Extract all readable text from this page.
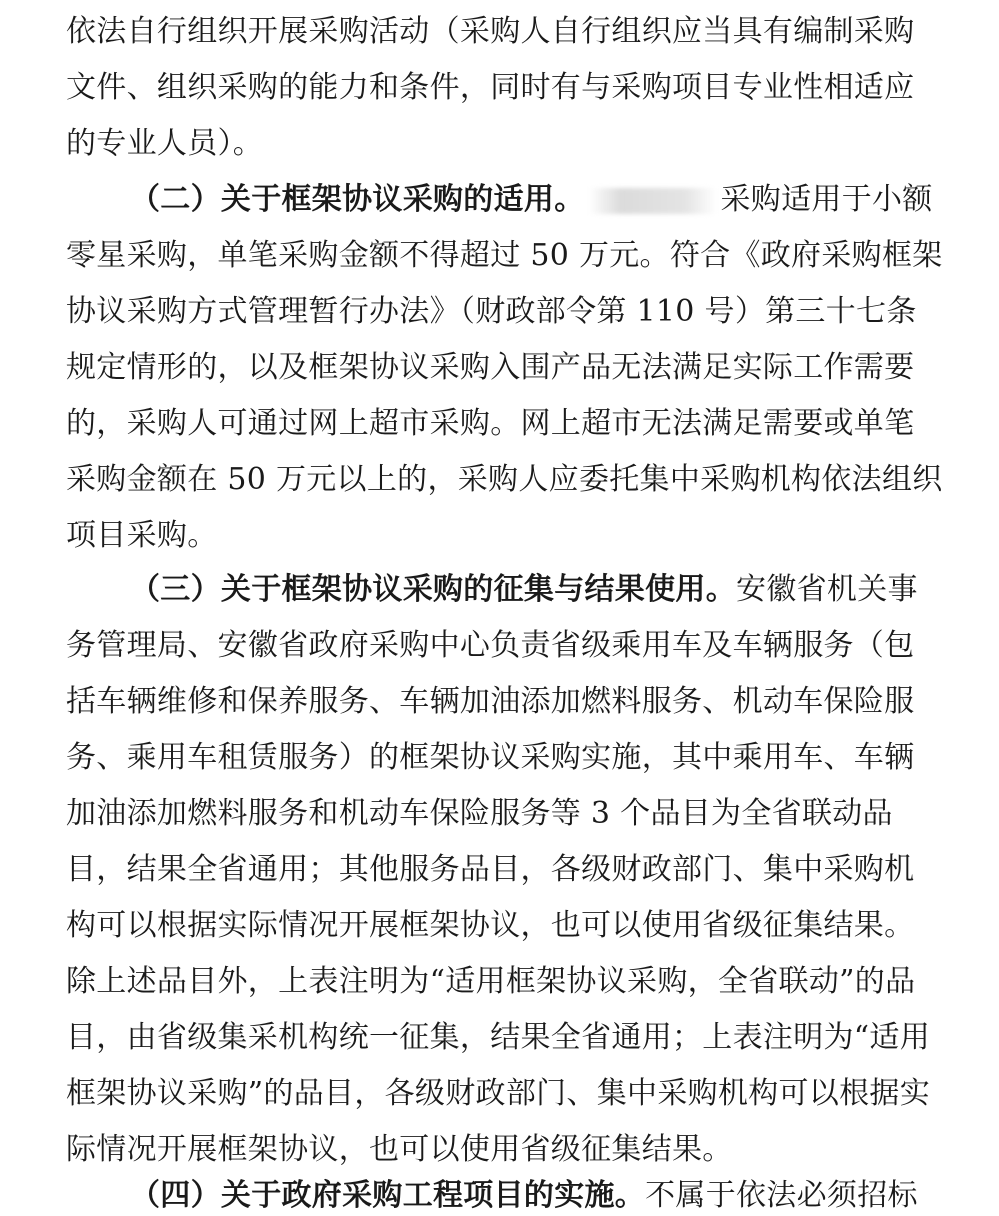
依法自行组织开展采购活动（采购人自行组织应当具有编制采购
文件、组织采购的能力和条件，同时有与采购项目专业性相适应
的专业人员）。
（二）关于框架协议采购的适用。	采购适用于小额
零星采购，单笔采购金额不得超过 50 万元。符合《政府采购框架
协议采购方式管理暂行办法》（财政部令第 110 号）第三十七条
规定情形的，以及框架协议采购入围产品无法满足实际工作需要
的，采购人可通过网上超市采购。网上超市无法满足需要或单笔
采购金额在 50 万元以上的，采购人应委托集中采购机构依法组织
项目采购。
（三）关于框架协议采购的征集与结果使用。安徽省机关事
务管理局、安徽省政府采购中心负责省级乘用车及车辆服务（包
括车辆维修和保养服务、车辆加油添加燃料服务、机动车保险服
务、乘用车租赁服务）的框架协议采购实施，其中乘用车、车辆
加油添加燃料服务和机动车保险服务等 3 个品目为全省联动品
目，结果全省通用；其他服务品目，各级财政部门、集中采购机
构可以根据实际情况开展框架协议，也可以使用省级征集结果。
除上述品目外，上表注明为“适用框架协议采购，全省联动”的品
目，由省级集采机构统一征集，结果全省通用；上表注明为“适用
框架协议采购”的品目，各级财政部门、集中采购机构可以根据实
际情况开展框架协议，也可以使用省级征集结果。
（四）关于政府采购工程项目的实施。不属于依法必须招标
